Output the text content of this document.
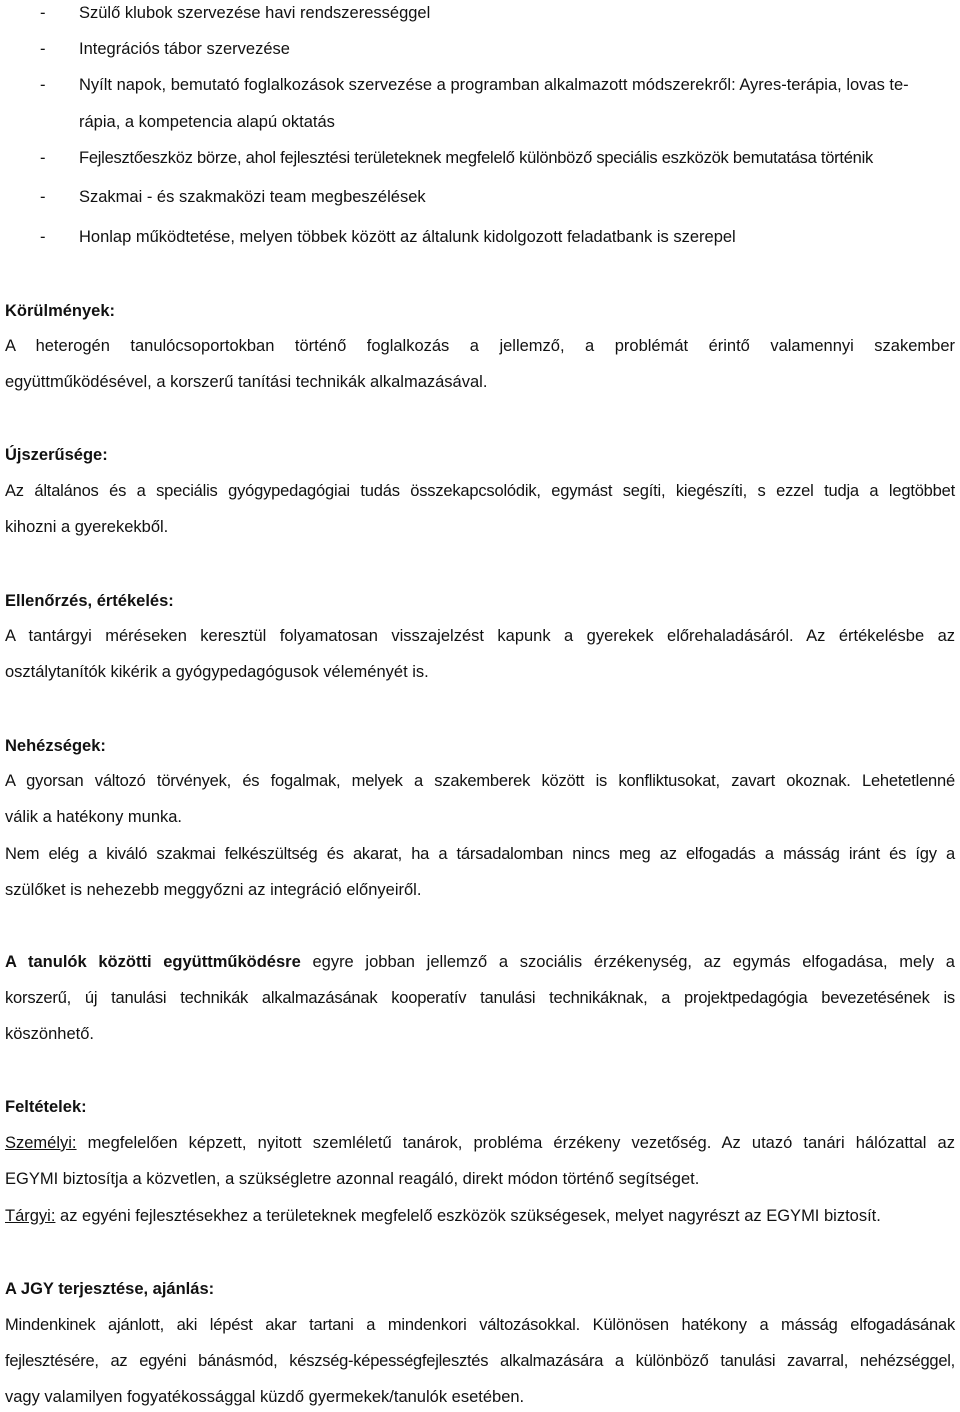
- Szülő klubok szervezése havi rendszerességgel
- Integrációs tábor szervezése
- Nyílt napok, bemutató foglalkozások szervezése a programban alkalmazott módszerekről: Ayres-terápia, lovas te-
rápia, a kompetencia alapú oktatás
- Fejlesztőeszköz börze, ahol fejlesztési területeknek megfelelő különböző speciális eszközök bemutatása történik
- Szakmai - és szakmaközi team megbeszélések
- Honlap működtetése, melyen többek között az általunk kidolgozott feladatbank is szerepel
Körülmények:
A heterogén tanulócsoportokban történő foglalkozás a jellemző, a problémát érintő valamennyi szakember
együttműködésével, a korszerű tanítási technikák alkalmazásával.
Újszerűsége:
Az általános és a speciális gyógypedagógiai tudás összekapcsolódik, egymást segíti, kiegészíti, s ezzel tudja a legtöbbet
kihozni a gyerekekből.
Ellenőrzés, értékelés:
A tantárgyi méréseken keresztül folyamatosan visszajelzést kapunk a gyerekek előrehaladásáról. Az értékelésbe az
osztálytanítók kikérik a gyógypedagógusok véleményét is.
Nehézségek:
A gyorsan változó törvények, és fogalmak, melyek a szakemberek között is konfliktusokat, zavart okoznak. Lehetetlenné
válik a hatékony munka.
Nem elég a kiváló szakmai felkészültség és akarat, ha a társadalomban nincs meg az elfogadás a másság iránt és így a
szülőket is nehezebb meggyőzni az integráció előnyeiről.
A tanulók közötti együttműködésre egyre jobban jellemző a szociális érzékenység, az egymás elfogadása, mely a
korszerű, új tanulási technikák alkalmazásának kooperatív tanulási technikáknak, a projektpedagógia bevezetésének is
köszönhető.
Feltételek:
Személyi: megfelelően képzett, nyitott szemléletű tanárok, probléma érzékeny vezetőség. Az utazó tanári hálózattal az
EGYMI biztosítja a közvetlen, a szükségletre azonnal reagáló, direkt módon történő segítséget.
Tárgyi: az egyéni fejlesztésekhez a területeknek megfelelő eszközök szükségesek, melyet nagyrészt az EGYMI biztosít.
A JGY terjesztése, ajánlás:
Mindenkinek ajánlott, aki lépést akar tartani a mindenkori változásokkal. Különösen hatékony a másság elfogadásának
fejlesztésére, az egyéni bánásmód, készség-képességfejlesztés alkalmazására a különböző tanulási zavarral, nehézséggel,
vagy valamilyen fogyatékossággal küzdő gyermekek/tanulók esetében.
